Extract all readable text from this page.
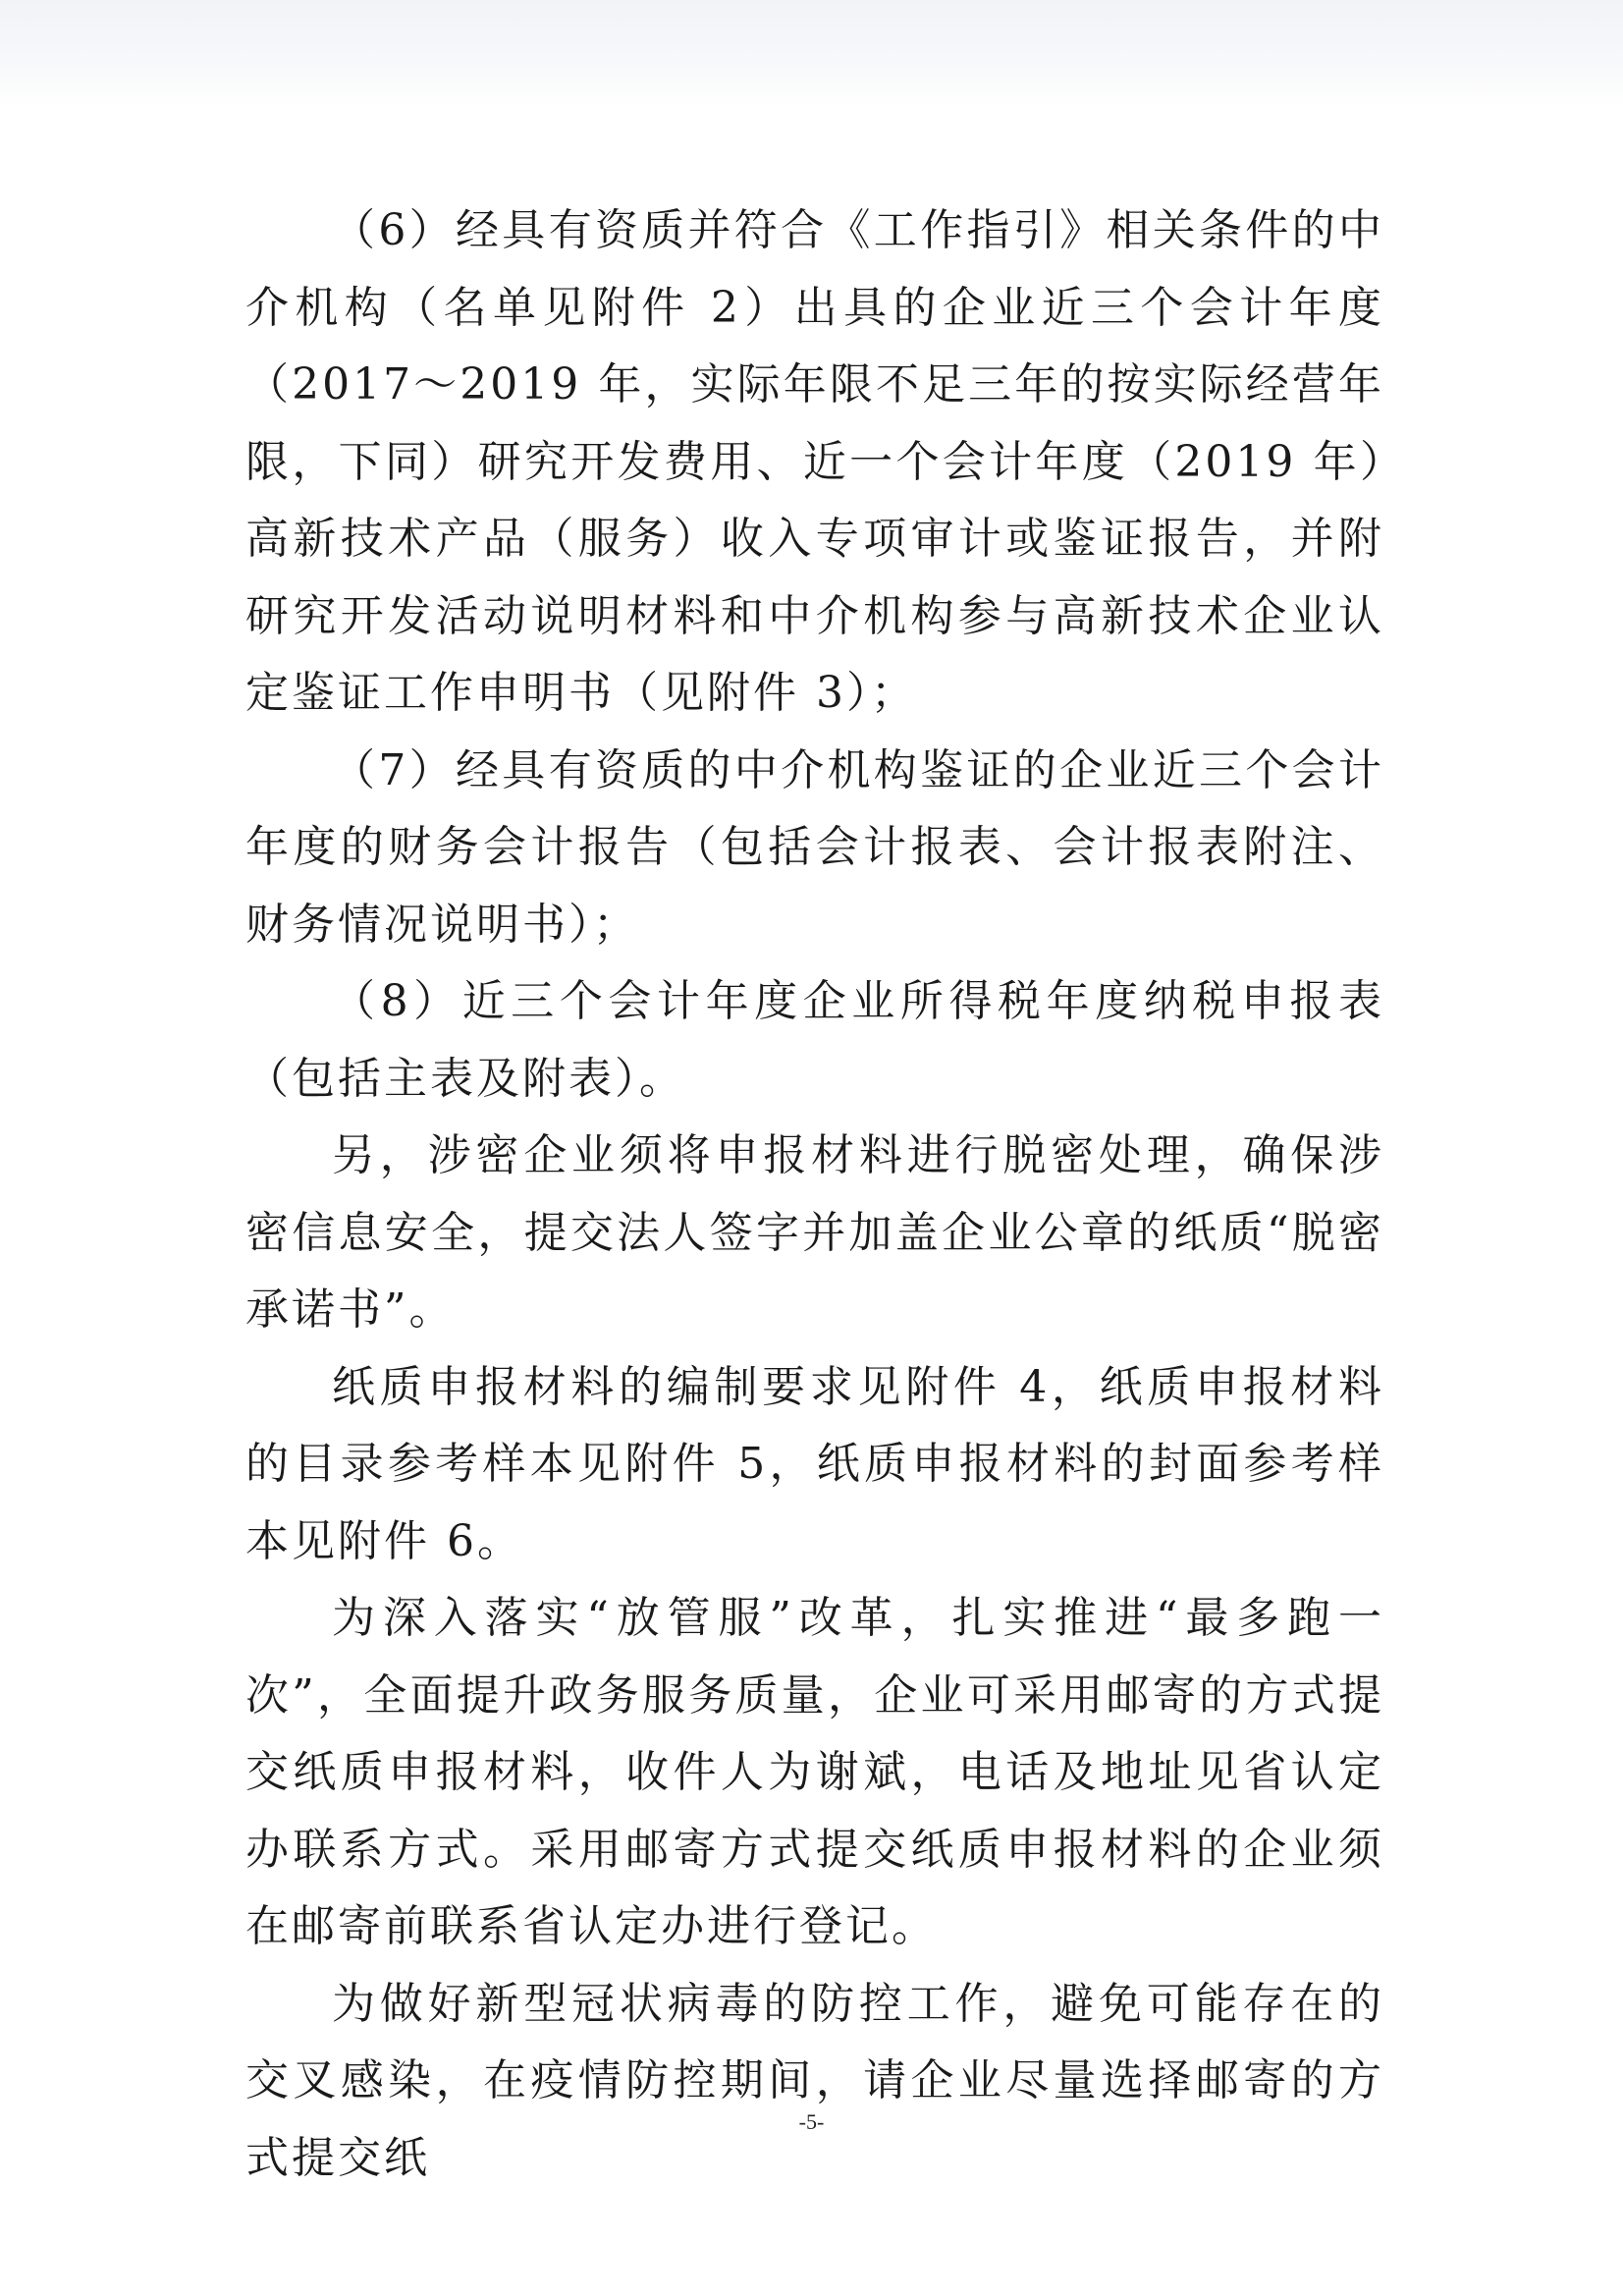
（6）经具有资质并符合《工作指引》相关条件的中介机构（名单见附件 2）出具的企业近三个会计年度（2017～2019 年，实际年限不足三年的按实际经营年限，下同）研究开发费用、近一个会计年度（2019 年）高新技术产品（服务）收入专项审计或鉴证报告，并附研究开发活动说明材料和中介机构参与高新技术企业认定鉴证工作申明书（见附件 3）；

（7）经具有资质的中介机构鉴证的企业近三个会计年度的财务会计报告（包括会计报表、会计报表附注、财务情况说明书）；

（8）近三个会计年度企业所得税年度纳税申报表（包括主表及附表）。

另，涉密企业须将申报材料进行脱密处理，确保涉密信息安全，提交法人签字并加盖企业公章的纸质“脱密承诺书”。

纸质申报材料的编制要求见附件 4，纸质申报材料的目录参考样本见附件 5，纸质申报材料的封面参考样本见附件 6。

为深入落实“放管服”改革，扎实推进“最多跑一次”，全面提升政务服务质量，企业可采用邮寄的方式提交纸质申报材料，收件人为谢斌，电话及地址见省认定办联系方式。采用邮寄方式提交纸质申报材料的企业须在邮寄前联系省认定办进行登记。

为做好新型冠状病毒的防控工作，避免可能存在的交叉感染，在疫情防控期间，请企业尽量选择邮寄的方式提交纸

-5-
